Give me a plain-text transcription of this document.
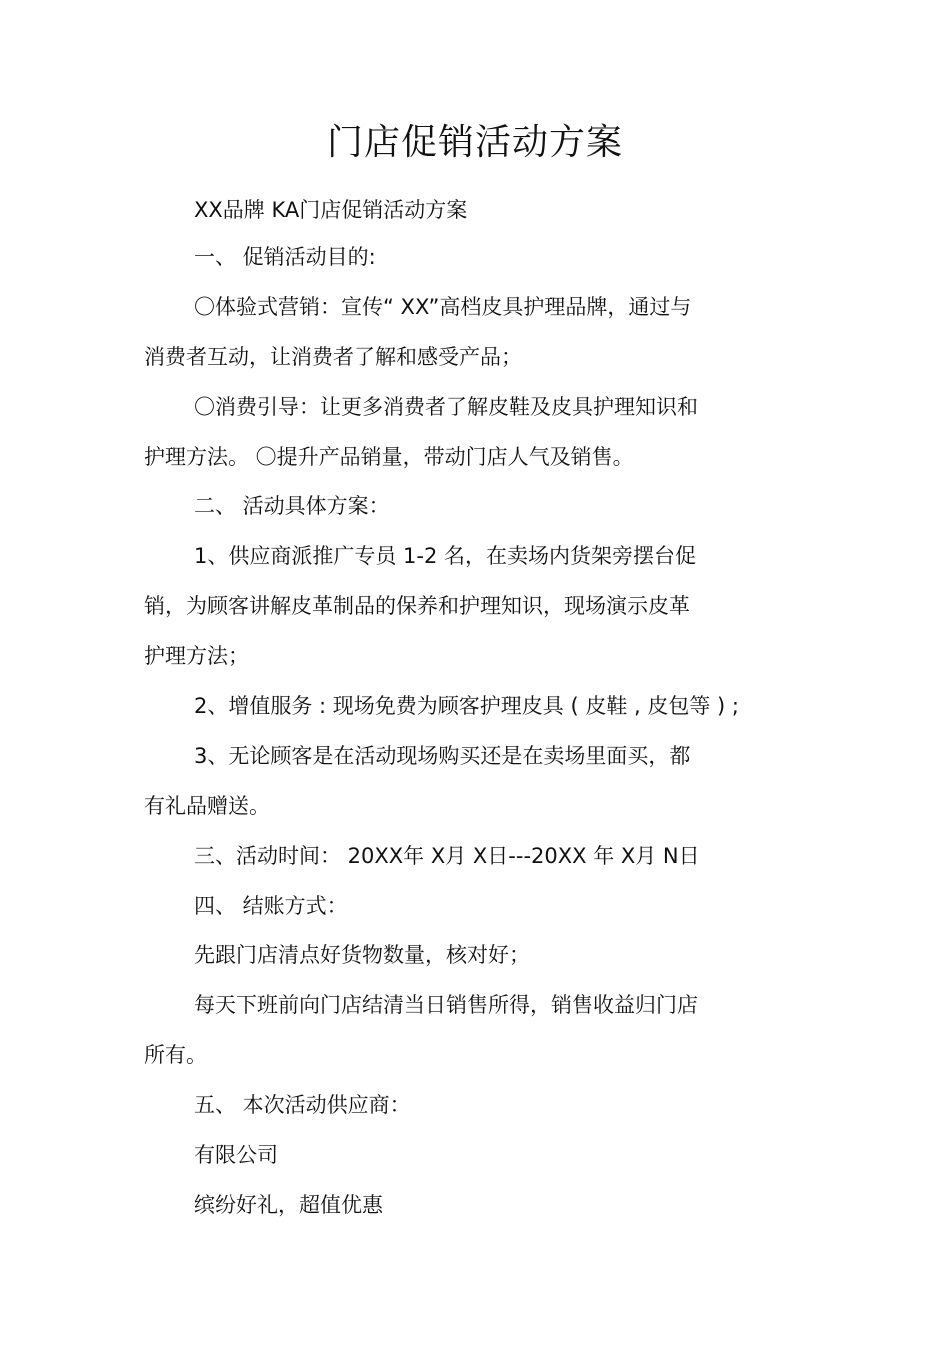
门店促销活动方案
XX品牌 KA门店促销活动方案
一、 促销活动目的:
〇体验式营销：宣传“ XX”高档皮具护理品牌，通过与
消费者互动，让消费者了解和感受产品；
〇消费引导：让更多消费者了解皮鞋及皮具护理知识和
护理方法。 〇提升产品销量，带动门店人气及销售。
二、 活动具体方案：
1、供应商派推广专员 1-2 名，在卖场内货架旁摆台促
销，为顾客讲解皮革制品的保养和护理知识，现场演示皮革
护理方法；
2、增值服务 : 现场免费为顾客护理皮具 ( 皮鞋 , 皮包等 ) ;
3、无论顾客是在活动现场购买还是在卖场里面买，都
有礼品赠送。
三、活动时间： 20XX年 X月 X日---20XX 年 X月 N日
四、 结账方式：
先跟门店清点好货物数量，核对好；
每天下班前向门店结清当日销售所得，销售收益归门店
所有。
五、 本次活动供应商：
有限公司
缤纷好礼，超值优惠
